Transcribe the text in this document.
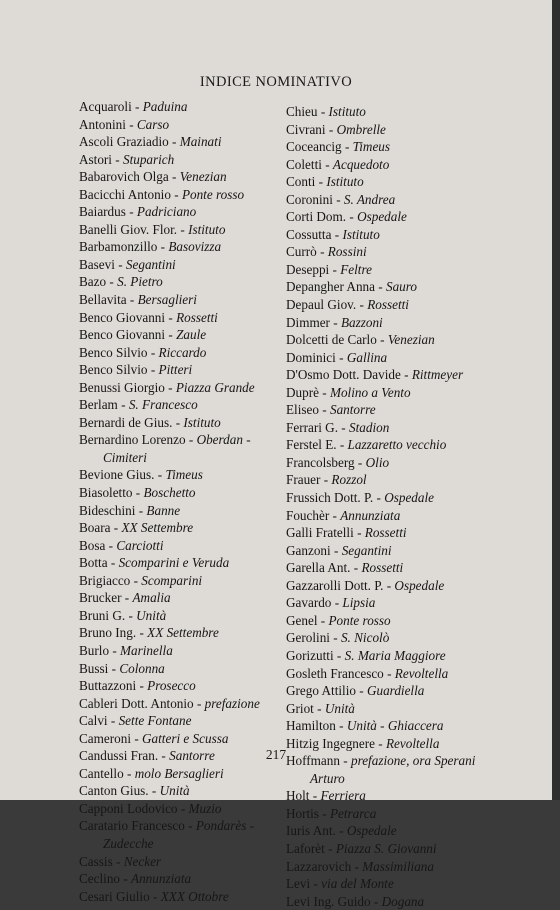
INDICE NOMINATIVO
Acquaroli - Paduina
Antonini - Carso
Ascoli Graziadio - Mainati
Astori - Stuparich
Babarovich Olga - Venezian
Bacicchi Antonio - Ponte rosso
Baiardus - Padriciano
Banelli Giov. Flor. - Istituto
Barbamonzillo - Basovizza
Basevi - Segantini
Bazo - S. Pietro
Bellavita - Bersaglieri
Benco Giovanni - Rossetti
Benco Giovanni - Zaule
Benco Silvio - Riccardo
Benco Silvio - Pitteri
Benussi Giorgio - Piazza Grande
Berlam - S. Francesco
Bernardi de Gius. - Istituto
Bernardino Lorenzo - Oberdan -
Cimiteri
Bevione Gius. - Timeus
Biasoletto - Boschetto
Bideschini - Banne
Boara - XX Settembre
Bosa - Carciotti
Botta - Scomparini e Veruda
Brigiacco - Scomparini
Brucker - Amalia
Bruni G. - Unità
Bruno Ing. - XX Settembre
Burlo - Marinella
Bussi - Colonna
Buttazzoni - Prosecco
Cableri Dott. Antonio - prefazione
Calvi - Sette Fontane
Cameroni - Gatteri e Scussa
Candussi Fran. - Santorre
Cantello - molo Bersaglieri
Canton Gius. - Unità
Capponi Lodovico - Muzio
Caratario Francesco - Pondarès -
Zudecche
Cassis - Necker
Ceclino - Annunziata
Cesari Giulio - XXX Ottobre
Chieu - Istituto
Civrani - Ombrelle
Coceancig - Timeus
Coletti - Acquedoto
Conti - Istituto
Coronini - S. Andrea
Corti Dom. - Ospedale
Cossutta - Istituto
Currò - Rossini
Deseppi - Feltre
Depangher Anna - Sauro
Depaul Giov. - Rossetti
Dimmer - Bazzoni
Dolcetti de Carlo - Venezian
Dominici - Gallina
D'Osmo Dott. Davide - Rittmeyer
Duprè - Molino a Vento
Eliseo - Santorre
Ferrari G. - Stadion
Ferstel E. - Lazzaretto vecchio
Francolsberg - Olio
Frauer - Rozzol
Frussich Dott. P. - Ospedale
Fouchèr - Annunziata
Galli Fratelli - Rossetti
Ganzoni - Segantini
Garella Ant. - Rossetti
Gazzarolli Dott. P. - Ospedale
Gavardo - Lipsia
Genel - Ponte rosso
Gerolini - S. Nicolò
Gorizutti - S. Maria Maggiore
Gosleth Francesco - Revoltella
Grego Attilio - Guardiella
Griot - Unità
Hamilton - Unità - Ghiaccera
Hitzig Ingegnere - Revoltella
Hoffmann - prefazione, ora Sperani
Arturo
Holt - Ferriera
Hortis - Petrarca
Iuris Ant. - Ospedale
Laforèt - Piazza S. Giovanni
Lazzarovich - Massimiliana
Levi - via del Monte
Levi Ing. Guido - Dogana
217
